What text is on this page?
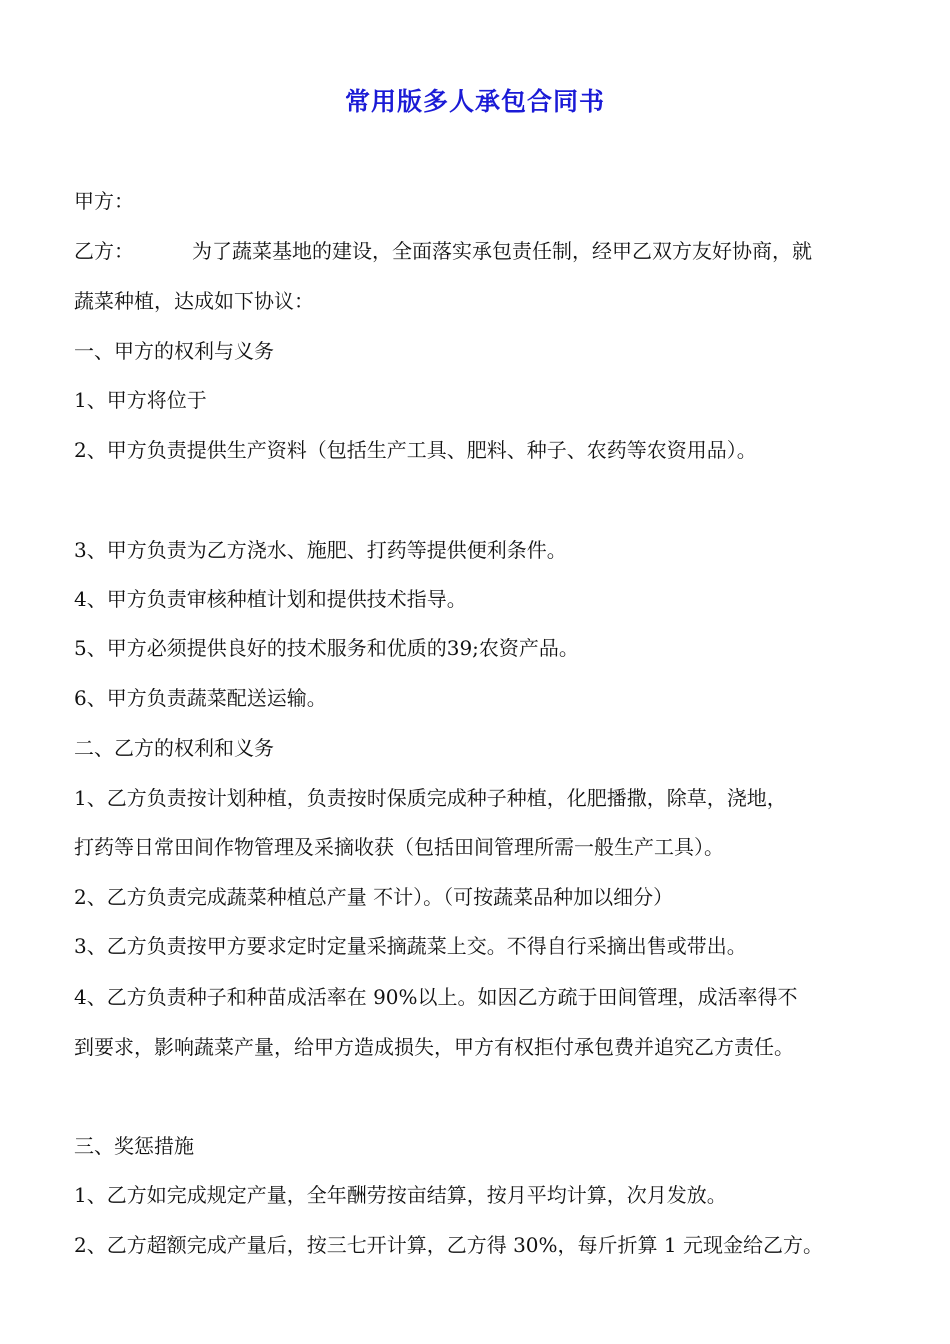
常用版多人承包合同书
甲方：
乙方：	为了蔬菜基地的建设，全面落实承包责任制，经甲乙双方友好协商，就
蔬菜种植，达成如下协议：
一、甲方的权利与义务
1、甲方将位于
2、甲方负责提供生产资料（包括生产工具、肥料、种子、农药等农资用品）。
3、甲方负责为乙方浇水、施肥、打药等提供便利条件。
4、甲方负责审核种植计划和提供技术指导。
5、甲方必须提供良好的技术服务和优质的39;农资产品。
6、甲方负责蔬菜配送运输。
二、乙方的权利和义务
1、乙方负责按计划种植，负责按时保质完成种子种植，化肥播撒，除草，浇地，
打药等日常田间作物管理及采摘收获（包括田间管理所需一般生产工具）。
2、乙方负责完成蔬菜种植总产量 不计）。（可按蔬菜品种加以细分）
3、乙方负责按甲方要求定时定量采摘蔬菜上交。不得自行采摘出售或带出。
4、乙方负责种子和种苗成活率在 90%以上。如因乙方疏于田间管理，成活率得不
到要求，影响蔬菜产量，给甲方造成损失，甲方有权拒付承包费并追究乙方责任。
三、奖惩措施
1、乙方如完成规定产量，全年酬劳按亩结算，按月平均计算，次月发放。
2、乙方超额完成产量后，按三七开计算，乙方得 30%，每斤折算 1 元现金给乙方。
